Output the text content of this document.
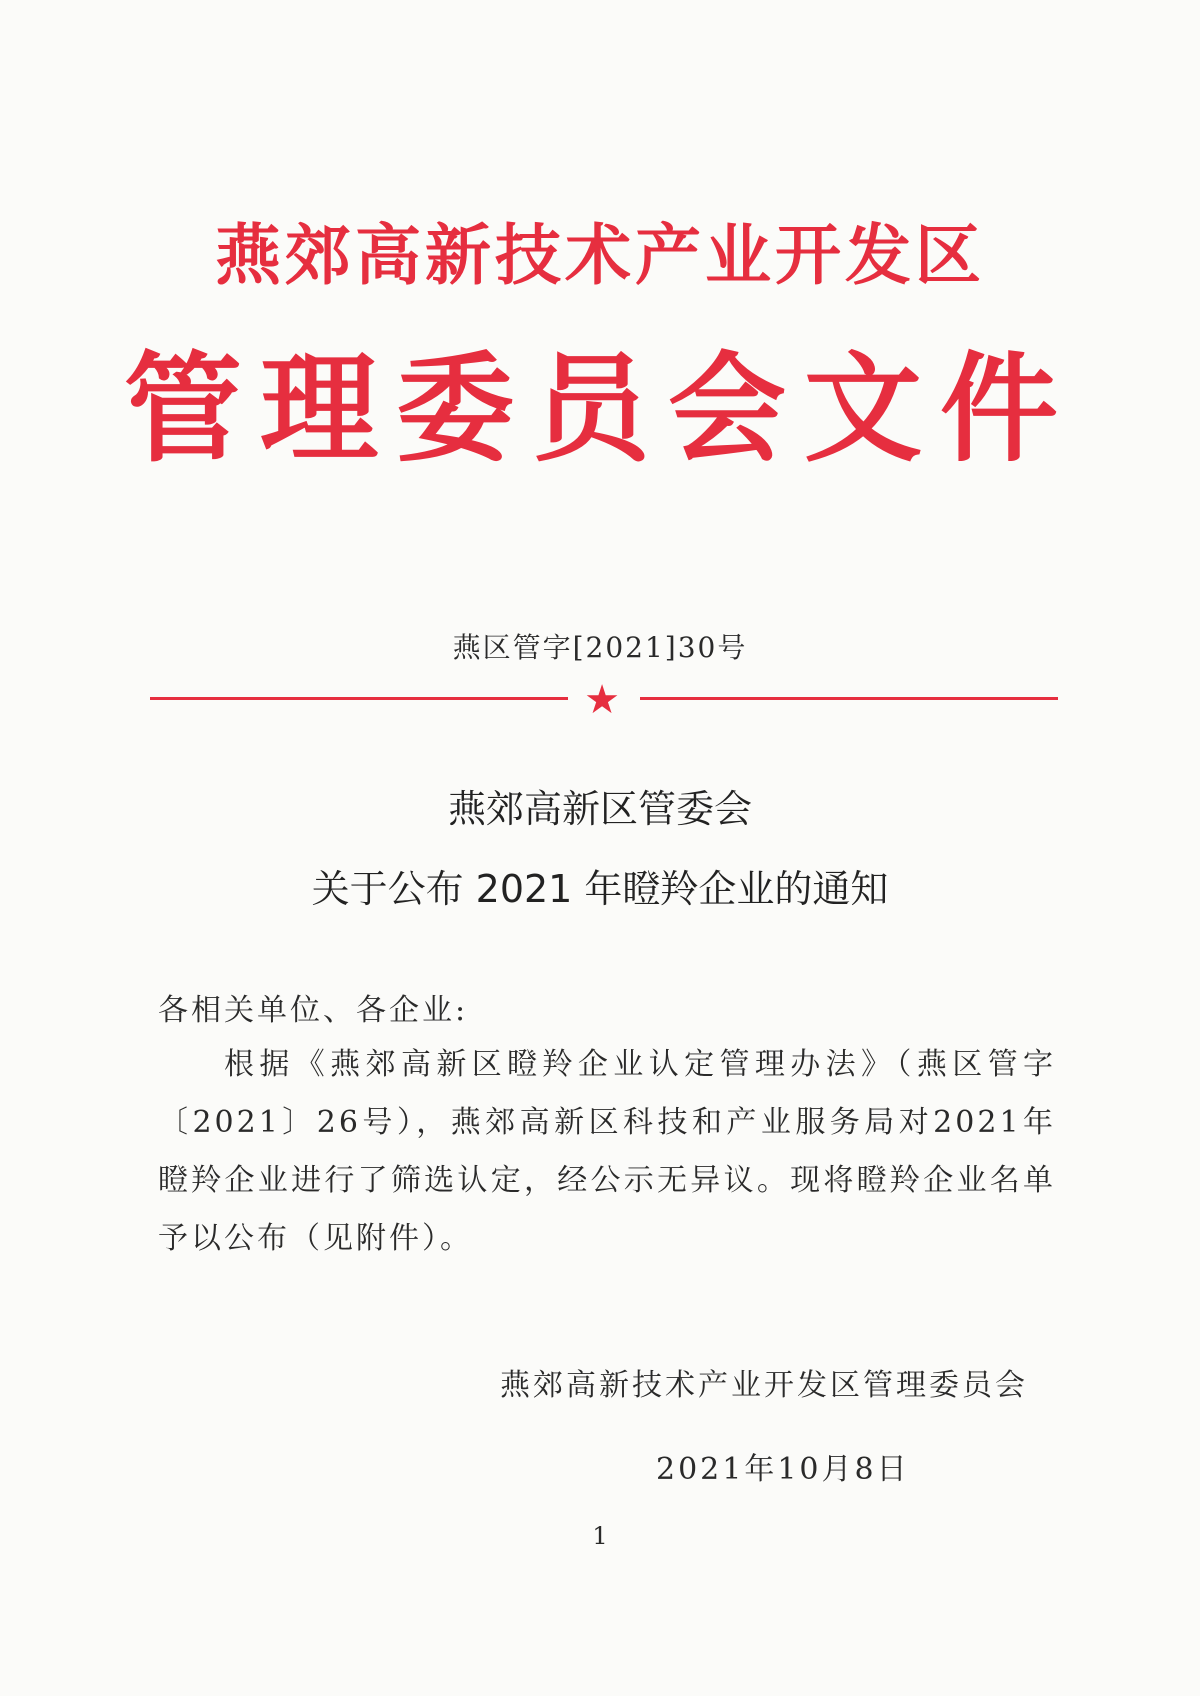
燕郊高新技术产业开发区
管理委员会文件
燕区管字[2021]30号
★
燕郊高新区管委会
关于公布 2021 年瞪羚企业的通知
各相关单位、各企业:
根据《燕郊高新区瞪羚企业认定管理办法》（燕区管字〔2021〕26号），燕郊高新区科技和产业服务局对2021年瞪羚企业进行了筛选认定，经公示无异议。现将瞪羚企业名单予以公布（见附件）。
燕郊高新技术产业开发区管理委员会
2021年10月8日
1
